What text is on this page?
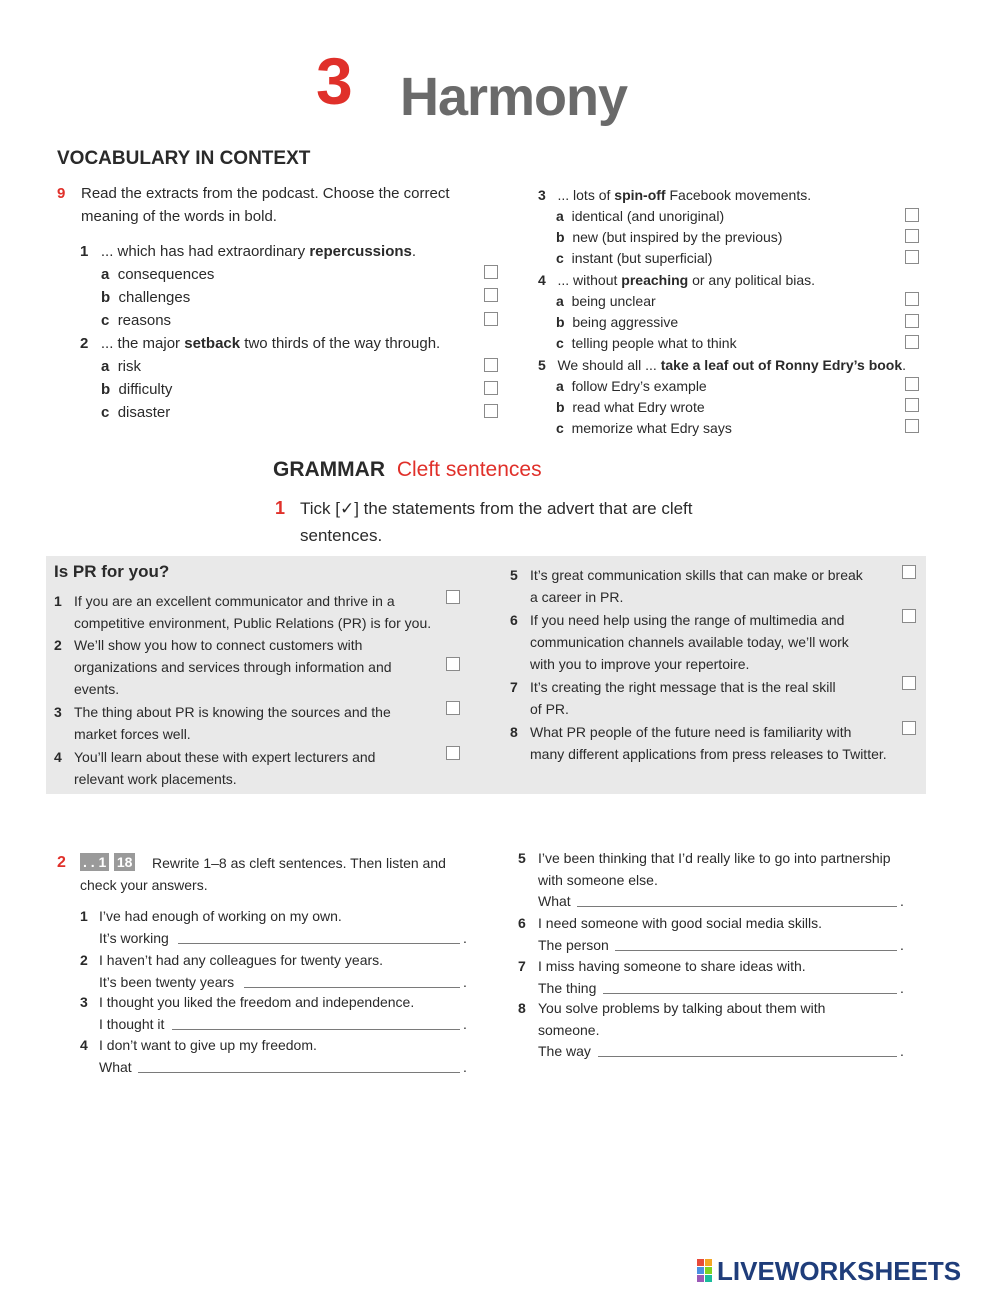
3 Harmony
VOCABULARY IN CONTEXT
9 Read the extracts from the podcast. Choose the correct
meaning of the words in bold.
1 ... which has had extraordinary repercussions.
a consequences
b challenges
c reasons
2 ... the major setback two thirds of the way through.
a risk
b difficulty
c disaster
3 ... lots of spin-off Facebook movements.
a identical (and unoriginal)
b new (but inspired by the previous)
c instant (but superficial)
4 ... without preaching or any political bias.
a being unclear
b being aggressive
c telling people what to think
5 We should all ... take a leaf out of Ronny Edry’s book.
a follow Edry’s example
b read what Edry wrote
c memorize what Edry says
GRAMMAR Cleft sentences
1 Tick [✓] the statements from the advert that are cleft
sentences.
Is PR for you?
1 If you are an excellent communicator and thrive in a
competitive environment, Public Relations (PR) is for you.
2 We’ll show you how to connect customers with
organizations and services through information and
events.
3 The thing about PR is knowing the sources and the
market forces well.
4 You’ll learn about these with expert lecturers and
relevant work placements.
5 It’s great communication skills that can make or break
a career in PR.
6 If you need help using the range of multimedia and
communication channels available today, we’ll work
with you to improve your repertoire.
7 It’s creating the right message that is the real skill
of PR.
8 What PR people of the future need is familiarity with
many different applications from press releases to Twitter.
2 . . 1 18 Rewrite 1–8 as cleft sentences. Then listen and
check your answers.
1 I’ve had enough of working on my own.
It’s working	.
2 I haven’t had any colleagues for twenty years.
It’s been twenty years	.
3 I thought you liked the freedom and independence.
I thought it	.
4 I don’t want to give up my freedom.
What	.
5 I’ve been thinking that I’d really like to go into partnership
with someone else.
What	.
6 I need someone with good social media skills.
The person	.
7 I miss having someone to share ideas with.
The thing	.
8 You solve problems by talking about them with
someone.
The way	.

LIVEWORKSHEETS
